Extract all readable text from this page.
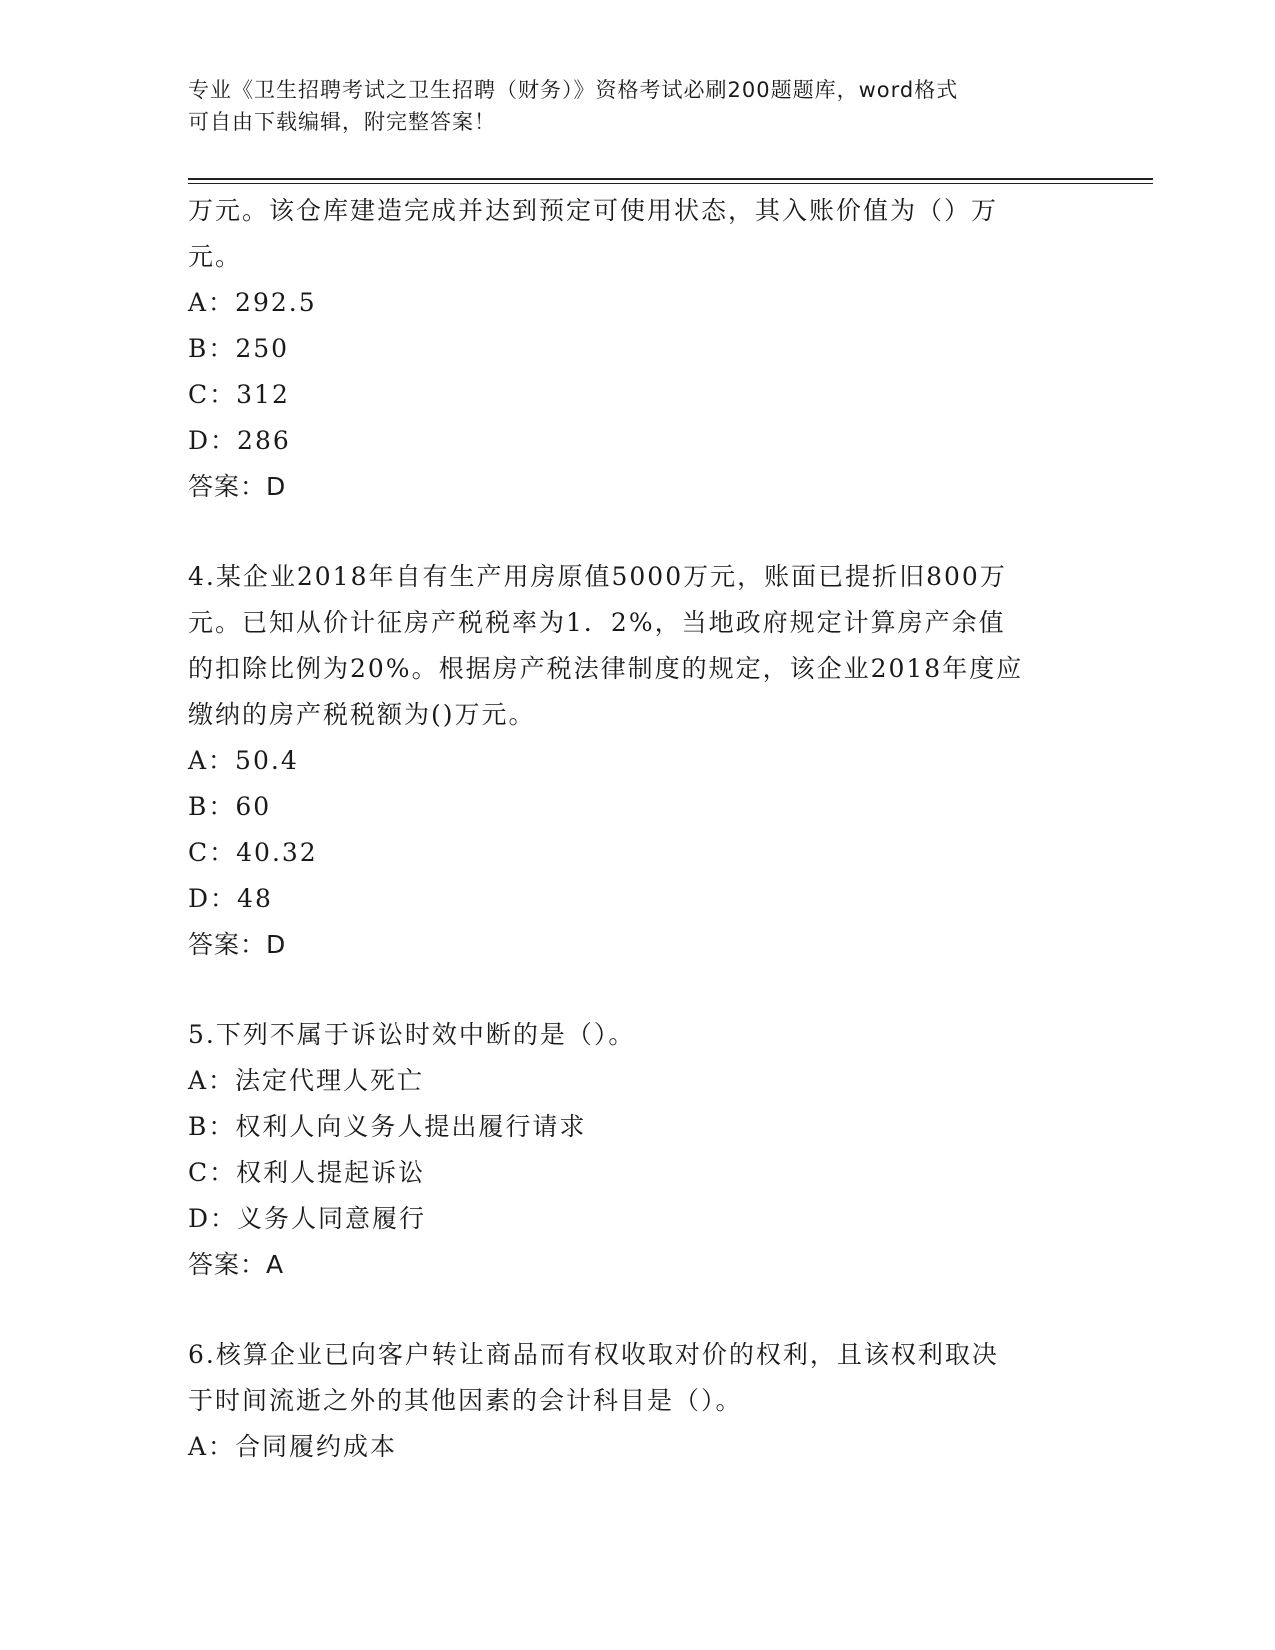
专业《卫生招聘考试之卫生招聘（财务）》资格考试必刷200题题库，word格式
可自由下载编辑，附完整答案！
万元。该仓库建造完成并达到预定可使用状态，其入账价值为（）万
元。
A：292.5
B：250
C：312
D：286
答案：D
4.某企业2018年自有生产用房原值5000万元，账面已提折旧800万
元。已知从价计征房产税税率为1．2%，当地政府规定计算房产余值
的扣除比例为20%。根据房产税法律制度的规定，该企业2018年度应
缴纳的房产税税额为()万元。
A：50.4
B：60
C：40.32
D：48
答案：D
5.下列不属于诉讼时效中断的是（）。
A：法定代理人死亡
B：权利人向义务人提出履行请求
C：权利人提起诉讼
D：义务人同意履行
答案：A
6.核算企业已向客户转让商品而有权收取对价的权利，且该权利取决
于时间流逝之外的其他因素的会计科目是（）。
A：合同履约成本
